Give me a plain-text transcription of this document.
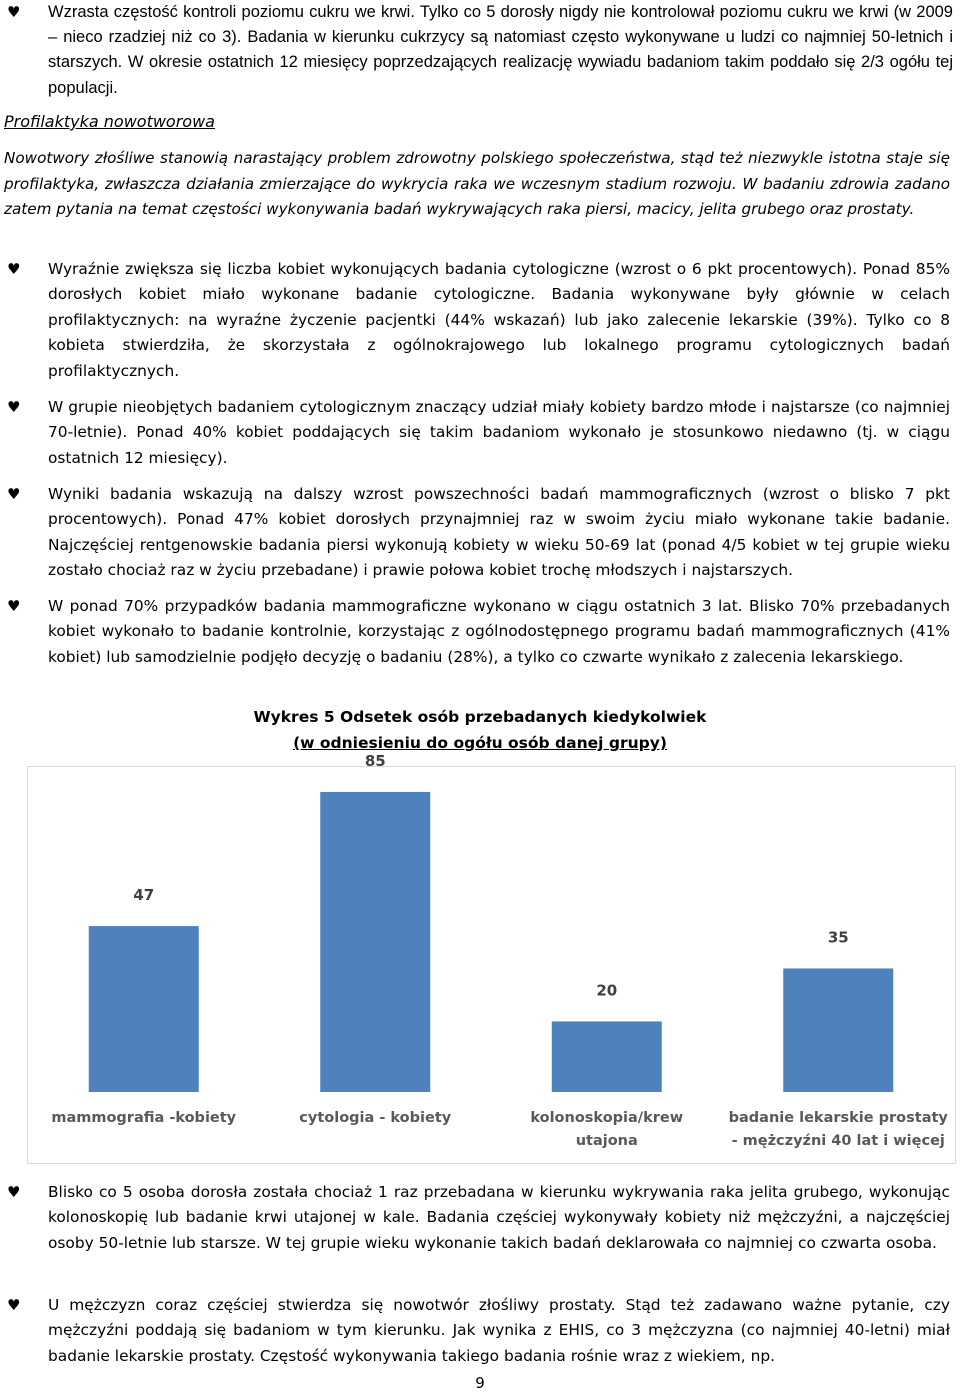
♥ Wzrasta częstość kontroli poziomu cukru we krwi. Tylko co 5 dorosły nigdy nie kontrolował poziomu cukru we krwi (w 2009 – nieco rzadziej niż co 3). Badania w kierunku cukrzycy są natomiast często wykonywane u ludzi co najmniej 50-letnich i starszych. W okresie ostatnich 12 miesięcy poprzedzających realizację wywiadu badaniom takim poddało się 2/3 ogółu tej populacji.
Profilaktyka nowotworowa
Nowotwory złośliwe stanowią narastający problem zdrowotny polskiego społeczeństwa, stąd też niezwykle istotna staje się profilaktyka, zwłaszcza działania zmierzające do wykrycia raka we wczesnym stadium rozwoju. W badaniu zdrowia zadano zatem pytania na temat częstości wykonywania badań wykrywających raka piersi, macicy, jelita grubego oraz prostaty.
♥ Wyraźnie zwiększa się liczba kobiet wykonujących badania cytologiczne (wzrost o 6 pkt procentowych). Ponad 85% dorosłych kobiet miało wykonane badanie cytologiczne. Badania wykonywane były głównie w celach profilaktycznych: na wyraźne życzenie pacjentki (44% wskazań) lub jako zalecenie lekarskie (39%). Tylko co 8 kobieta stwierdziła, że skorzystała z ogólnokrajowego lub lokalnego programu cytologicznych badań profilaktycznych.
♥ W grupie nieobjętych badaniem cytologicznym znaczący udział miały kobiety bardzo młode i najstarsze (co najmniej 70-letnie). Ponad 40% kobiet poddających się takim badaniom wykonało je stosunkowo niedawno (tj. w ciągu ostatnich 12 miesięcy).
♥ Wyniki badania wskazują na dalszy wzrost powszechności badań mammograficznych (wzrost o blisko 7 pkt procentowych). Ponad 47% kobiet dorosłych przynajmniej raz w swoim życiu miało wykonane takie badanie. Najczęściej rentgenowskie badania piersi wykonują kobiety w wieku 50-69 lat (ponad 4/5 kobiet w tej grupie wieku zostało chociaż raz w życiu przebadane) i prawie połowa kobiet trochę młodszych i najstarszych.
♥ W ponad 70% przypadków badania mammograficzne wykonano w ciągu ostatnich 3 lat. Blisko 70% przebadanych kobiet wykonało to badanie kontrolnie, korzystając z ogólnodostępnego programu badań mammograficznych (41% kobiet) lub samodzielnie podjęło decyzję o badaniu (28%), a tylko co czwarte wynikało z zalecenia lekarskiego.
Wykres 5 Odsetek osób przebadanych kiedykolwiek
(w odniesieniu do ogółu osób danej grupy)
47
mammografia -kobiety
85
cytologia - kobiety
20
kolonoskopia/krew
utajona
35
badanie lekarskie prostaty
- mężczyźni 40 lat i więcej
♥ Blisko co 5 osoba dorosła została chociaż 1 raz przebadana w kierunku wykrywania raka jelita grubego, wykonując kolonoskopię lub badanie krwi utajonej w kale. Badania częściej wykonywały kobiety niż mężczyźni, a najczęściej osoby 50-letnie lub starsze. W tej grupie wieku wykonanie takich badań deklarowała co najmniej co czwarta osoba.
♥ U mężczyzn coraz częściej stwierdza się nowotwór złośliwy prostaty. Stąd też zadawano ważne pytanie, czy mężczyźni poddają się badaniom w tym kierunku. Jak wynika z EHIS, co 3 mężczyzna (co najmniej 40-letni) miał badanie lekarskie prostaty. Częstość wykonywania takiego badania rośnie wraz z wiekiem, np.
9
